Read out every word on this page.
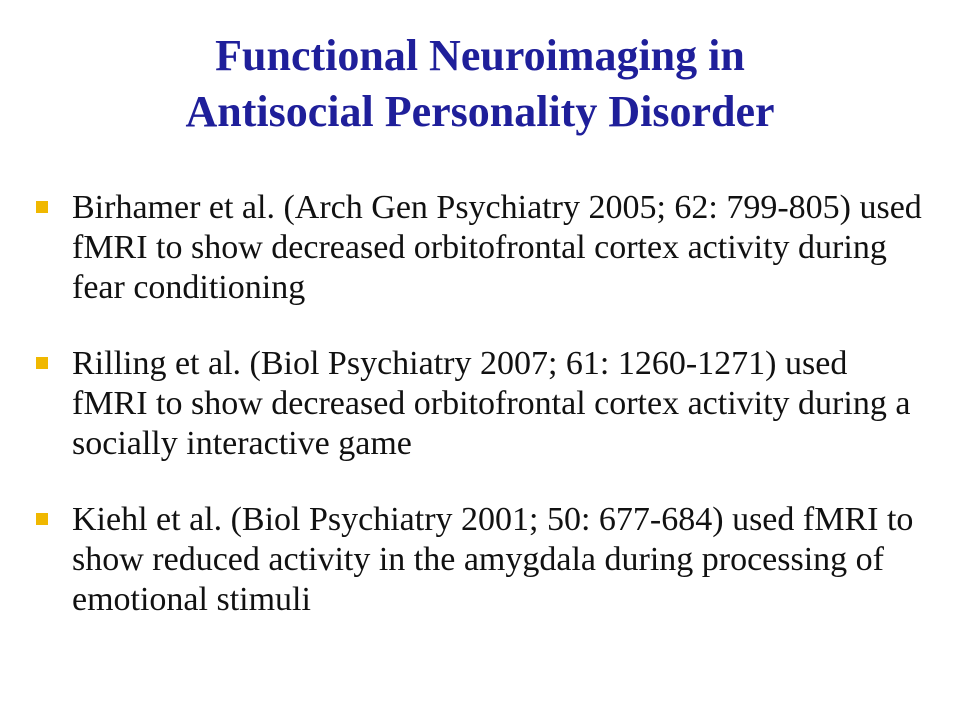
Functional Neuroimaging in
Antisocial Personality Disorder
Birhamer et al. (Arch Gen Psychiatry 2005; 62: 799-805) used fMRI to show decreased orbitofrontal cortex activity during fear conditioning
Rilling et al. (Biol Psychiatry 2007; 61: 1260-1271) used fMRI to show decreased orbitofrontal cortex activity during a socially interactive game
Kiehl et al. (Biol Psychiatry 2001; 50: 677-684) used fMRI to show reduced activity in the amygdala during processing of emotional stimuli
